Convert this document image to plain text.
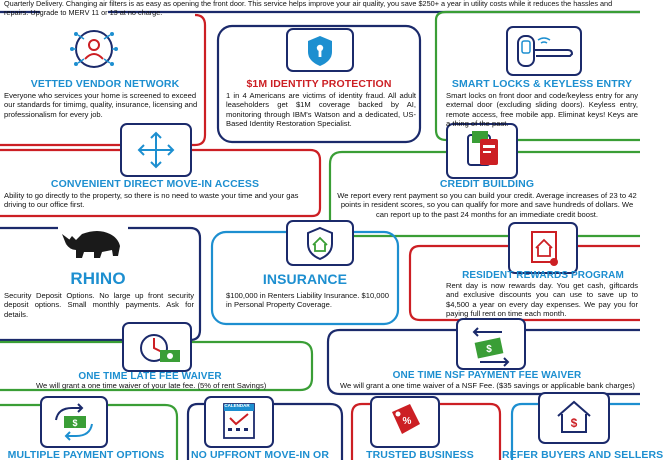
Quarterly Delivery. Changing air filters is as easy as opening the front door. This service helps improve your air quality, you save $250+ a year in utility costs while it reduces the hassles and repairs. Upgrade to MERV 11 or 13 at no charge.
VETTED VENDOR NETWORK
Everyone who services your home is screened to exceed our standards for timimg, quality, insurance, licensing and professionalism for every job.
$1M IDENTITY PROTECTION
1 in 4 Americans are victims of identity fraud. All adult leaseholders get $1M coverage backed by AI, monitoring through IBM's Watson and a dedicated, US-Based Identity Restoration Specialist.
SMART LOCKS & KEYLESS ENTRY
Smart locks on front door and code/keyless entry for any external door (excluding sliding doors). Keyless entry, remote access, free mobile app. Eliminat keys! Keys are a thing of the past.
CONVENIENT DIRECT MOVE-IN ACCESS
Ability to go directly to the property, so there is no need to waste your time and your gas driving to our office first.
CREDIT BUILDING
We report every rent payment so you can build your credit. Average increases of 23 to 42 points in resident scores, so you can qualify for more and save hundreds of dollars. We can report up to the past 24 months for an immediate credit boost.
RHINO
Security Deposit Options. No large up front security deposit options. Small monthly payments. Ask for details.
INSURANCE
$100,000 in Renters Liability Insurance. $10,000 in Personal Property Coverage.
RESIDENT REWARDS PROGRAM
Rent day is now rewards day. You get cash, giftcards and exclusive discounts you can use to save up to $4,500 a year on every day expenses. We pay you for paying full rent on time each month.
ONE TIME LATE FEE WAIVER
We will grant a one time waiver of your late fee. (5% of rent Savings)
$
ONE TIME NSF PAYMENT FEE WAIVER
We will grant a one time waiver of a NSF Fee. ($35 savings or applicable bank charges)
$
MULTIPLE PAYMENT OPTIONS
CALENDAR
NO UPFRONT MOVE-IN OR
%
TRUSTED BUSINESS
$
REFER BUYERS AND SELLERS
